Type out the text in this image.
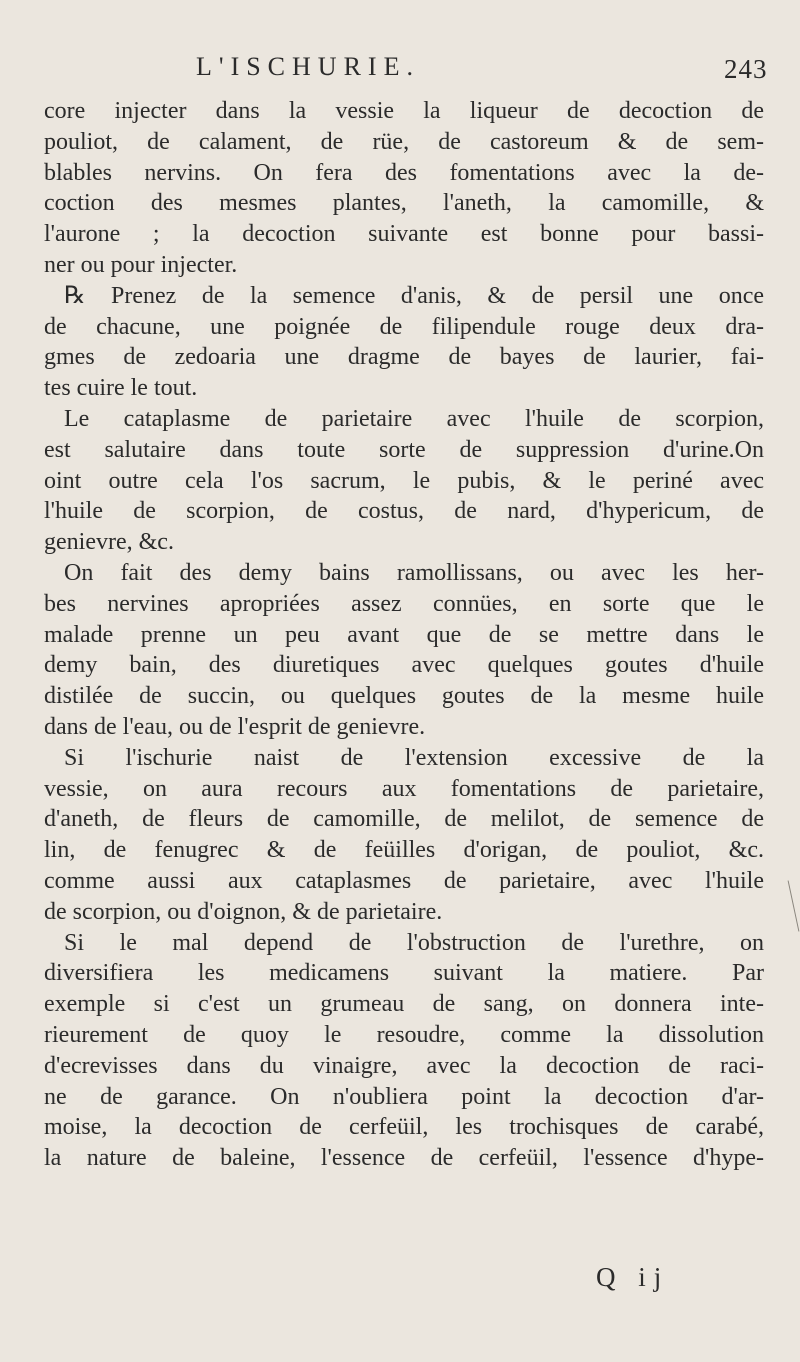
L'ISCHURIE.	243
core injecter dans la vessie la liqueur de decoction de
pouliot, de calament, de rüe, de castoreum & de sem-
blables nervins. On fera des fomentations avec la de-
coction des mesmes plantes, l'aneth, la camomille, &
l'aurone ; la decoction suivante est bonne pour bassi-
ner ou pour injecter.
℞ Prenez de la semence d'anis, & de persil une once
de chacune, une poignée de filipendule rouge deux dra-
gmes de zedoaria une dragme de bayes de laurier, fai-
tes cuire le tout.
Le cataplasme de parietaire avec l'huile de scorpion,
est salutaire dans toute sorte de suppression d'urine.On
oint outre cela l'os sacrum, le pubis, & le periné avec
l'huile de scorpion, de costus, de nard, d'hypericum, de
genievre, &c.
On fait des demy bains ramollissans, ou avec les her-
bes nervines apropriées assez connües, en sorte que le
malade prenne un peu avant que de se mettre dans le
demy bain, des diuretiques avec quelques goutes d'huile
distilée de succin, ou quelques goutes de la mesme huile
dans de l'eau, ou de l'esprit de genievre.
Si l'ischurie naist de l'extension excessive de la
vessie, on aura recours aux fomentations de parietaire,
d'aneth, de fleurs de camomille, de melilot, de semence de
lin, de fenugrec & de feüilles d'origan, de pouliot, &c.
comme aussi aux cataplasmes de parietaire, avec l'huile
de scorpion, ou d'oignon, & de parietaire.
Si le mal depend de l'obstruction de l'urethre, on
diversifiera les medicamens suivant la matiere. Par
exemple si c'est un grumeau de sang, on donnera inte-
rieurement de quoy le resoudre, comme la dissolution
d'ecrevisses dans du vinaigre, avec la decoction de raci-
ne de garance. On n'oubliera point la decoction d'ar-
moise, la decoction de cerfeüil, les trochisques de carabé,
la nature de baleine, l'essence de cerfeüil, l'essence d'hype-
Q ij
